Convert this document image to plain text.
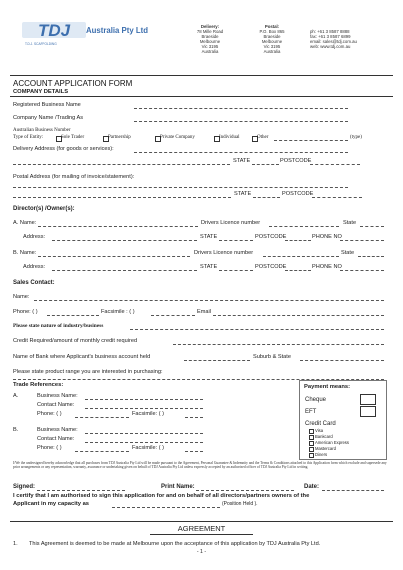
TDJ Australia Pty Ltd
T.D.J. SCAFFOLDING
Delivery:
78 Mille Road
Braeside
Melbourne
Vic 3195
Australia
Postal:
P.O. Box 865
Braeside
Melbourne
Vic 3195
Australia
ph: +61 3 8587 8888
fax: +61 3 8587 6899
email: sales@tdj.com.au
web: www.tdj.com.au
ACCOUNT APPLICATION FORM
COMPANY DETAILS
Registered Business Name
Company Name /Trading As
Australian Business Number
Type of Entity:	Sole Trader	Partnership	Private Company	Individual	Other	(type)
Delivery Address (for goods or services):
STATE	POSTCODE
Postal Address (for mailing of invoice/statement):
STATE	POSTCODE
Director(s) /Owner(s):
A. Name:	Drivers Licence number	State
Address:	STATE	POSTCODE	PHONE NO
B. Name:	Drivers Licence number	State
Address:	STATE	POSTCODE	PHONE NO
Sales Contact:
Name:
Phone: ( )	Facsimile : ( )	Email
Please state nature of industry/business
Credit Required/amount of monthly credit required
Name of Bank where Applicant's business account held	Suburb & State
Please state product range you are interested in purchasing:
Trade References:
A.	Business Name:
Contact Name:
Phone: ( )	Facsimile: ( )
B.	Business Name:
Contact Name:
Phone: ( )	Facsimile: ( )
Payment means:
Cheque
EFT
Credit Card
Visa
Bankcard
American Express
Mastercard
Diners
I/We the undersigned hereby acknowledge that all purchases from TDJ Australia Pty Ltd will be made pursuant to the Agreement, Personal Guarantee & Indemnity and the Terms & Conditions attached to this Application form which exclude and supersede any prior arrangements or any representation, warranty, assurance or undertaking given on behalf of TDJ Australia Pty Ltd unless expressly accepted by an authorised officer of TDJ Australia Pty Ltd in writing.
Signed:	Print Name:	Date:
I certify that I am authorised to sign this application for and on behalf of all directors/partners owners of the
Applicant in my capacity as	(Position Held ).
AGREEMENT
1. This Agreement is deemed to be made at Melbourne upon the acceptance of this application by TDJ Australia Pty Ltd.
- 1 -
